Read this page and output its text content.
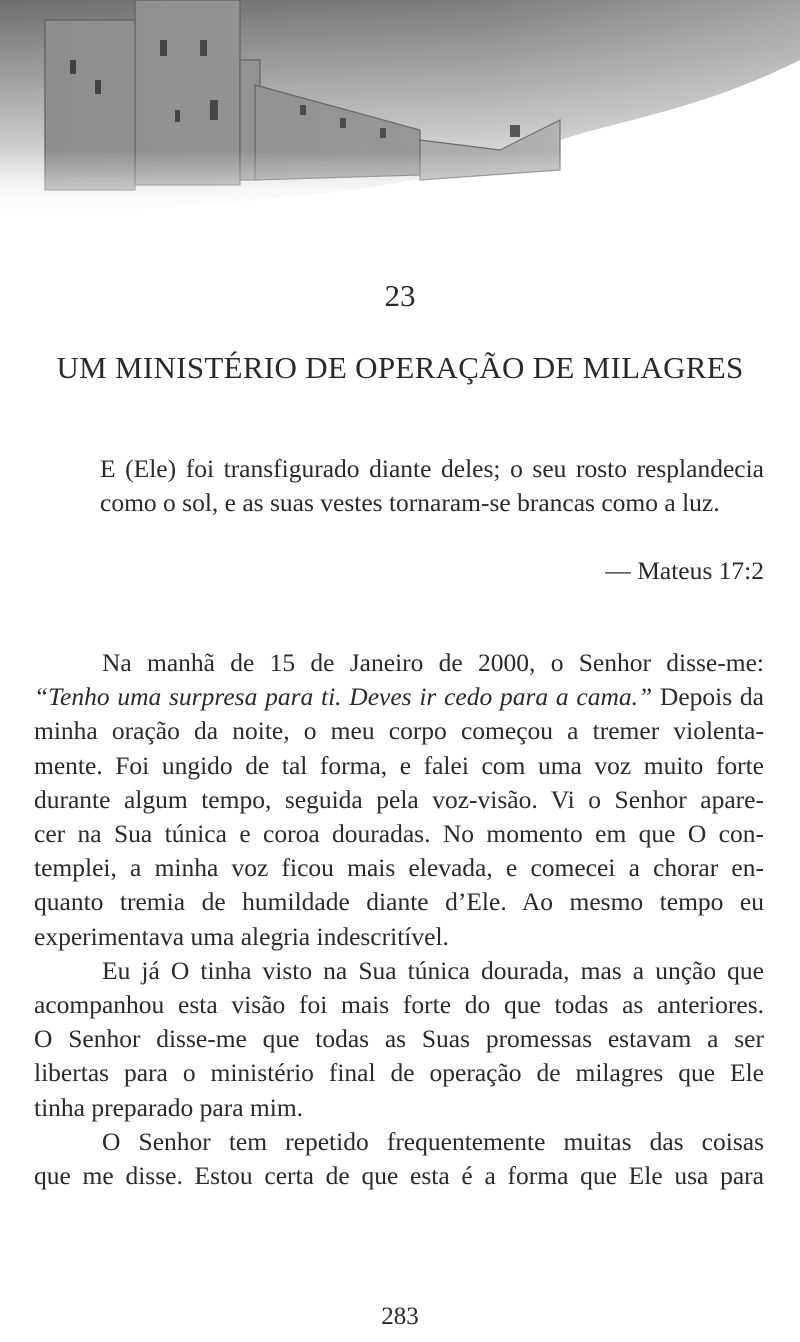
23
UM MINISTÉRIO DE OPERAÇÃO DE MILAGRES
E (Ele) foi transfigurado diante deles; o seu rosto resplandecia como o sol, e as suas vestes tornaram-se brancas como a luz.
— Mateus 17:2

Na manhã de 15 de Janeiro de 2000, o Senhor disse-me:
“Tenho uma surpresa para ti. Deves ir cedo para a cama.” Depois da
minha oração da noite, o meu corpo começou a tremer violenta-
mente. Foi ungido de tal forma, e falei com uma voz muito forte
durante algum tempo, seguida pela voz-visão. Vi o Senhor apare-
cer na Sua túnica e coroa douradas. No momento em que O con-
templei, a minha voz ficou mais elevada, e comecei a chorar en-
quanto tremia de humildade diante d’Ele. Ao mesmo tempo eu
experimentava uma alegria indescritível.

Eu já O tinha visto na Sua túnica dourada, mas a unção que
acompanhou esta visão foi mais forte do que todas as anteriores.
O Senhor disse-me que todas as Suas promessas estavam a ser
libertas para o ministério final de operação de milagres que Ele
tinha preparado para mim.

O Senhor tem repetido frequentemente muitas das coisas
que me disse. Estou certa de que esta é a forma que Ele usa para

283
